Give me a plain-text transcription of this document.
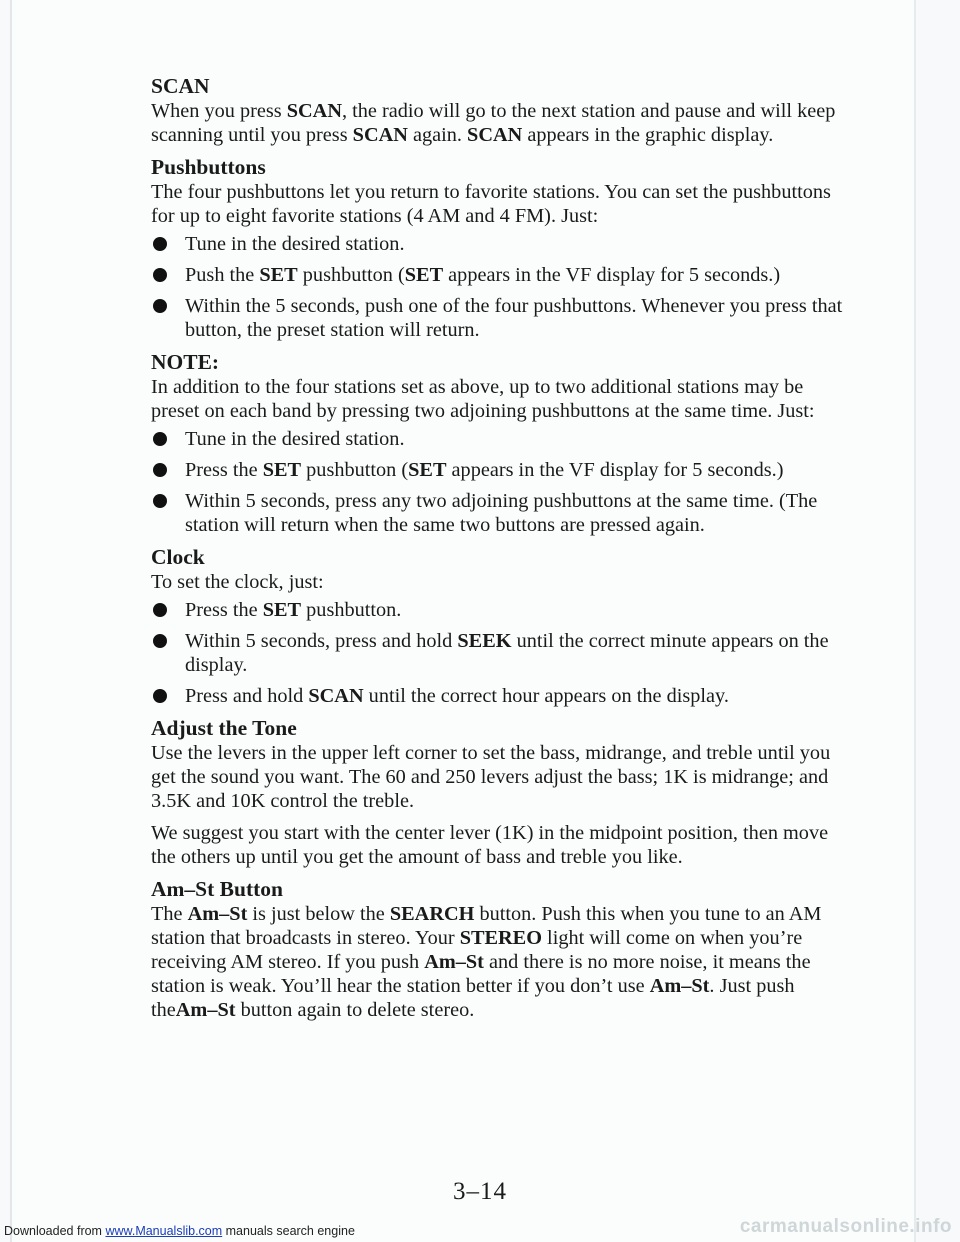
SCAN

When you press SCAN, the radio will go to the next station and pause and will keep scanning until you press SCAN again. SCAN appears in the graphic display.

Pushbuttons

The four pushbuttons let you return to favorite stations. You can set the pushbuttons for up to eight favorite stations (4 AM and 4 FM). Just:

Tune in the desired station.
Push the SET pushbutton (SET appears in the VF display for 5 seconds.)
Within the 5 seconds, push one of the four pushbuttons. Whenever you press that button, the preset station will return.
NOTE:

In addition to the four stations set as above, up to two additional stations may be preset on each band by pressing two adjoining pushbuttons at the same time. Just:

Tune in the desired station.
Press the SET pushbutton (SET appears in the VF display for 5 seconds.)
Within 5 seconds, press any two adjoining pushbuttons at the same time. (The station will return when the same two buttons are pressed again.
Clock

To set the clock, just:

Press the SET pushbutton.
Within 5 seconds, press and hold SEEK until the correct minute appears on the display.
Press and hold SCAN until the correct hour appears on the display.
Adjust the Tone

Use the levers in the upper left corner to set the bass, midrange, and treble until you get the sound you want. The 60 and 250 levers adjust the bass; 1K is midrange; and 3.5K and 10K control the treble.

We suggest you start with the center lever (1K) in the midpoint position, then move the others up until you get the amount of bass and treble you like.

Am–St Button

The Am–St is just below the SEARCH button. Push this when you tune to an AM station that broadcasts in stereo. Your STEREO light will come on when you’re receiving AM stereo. If you push Am–St and there is no more noise, it means the station is weak. You’ll hear the station better if you don’t use Am–St. Just push theAm–St button again to delete stereo.

3–14
Downloaded from www.Manualslib.com manuals search engine	carmanualsonline.info
